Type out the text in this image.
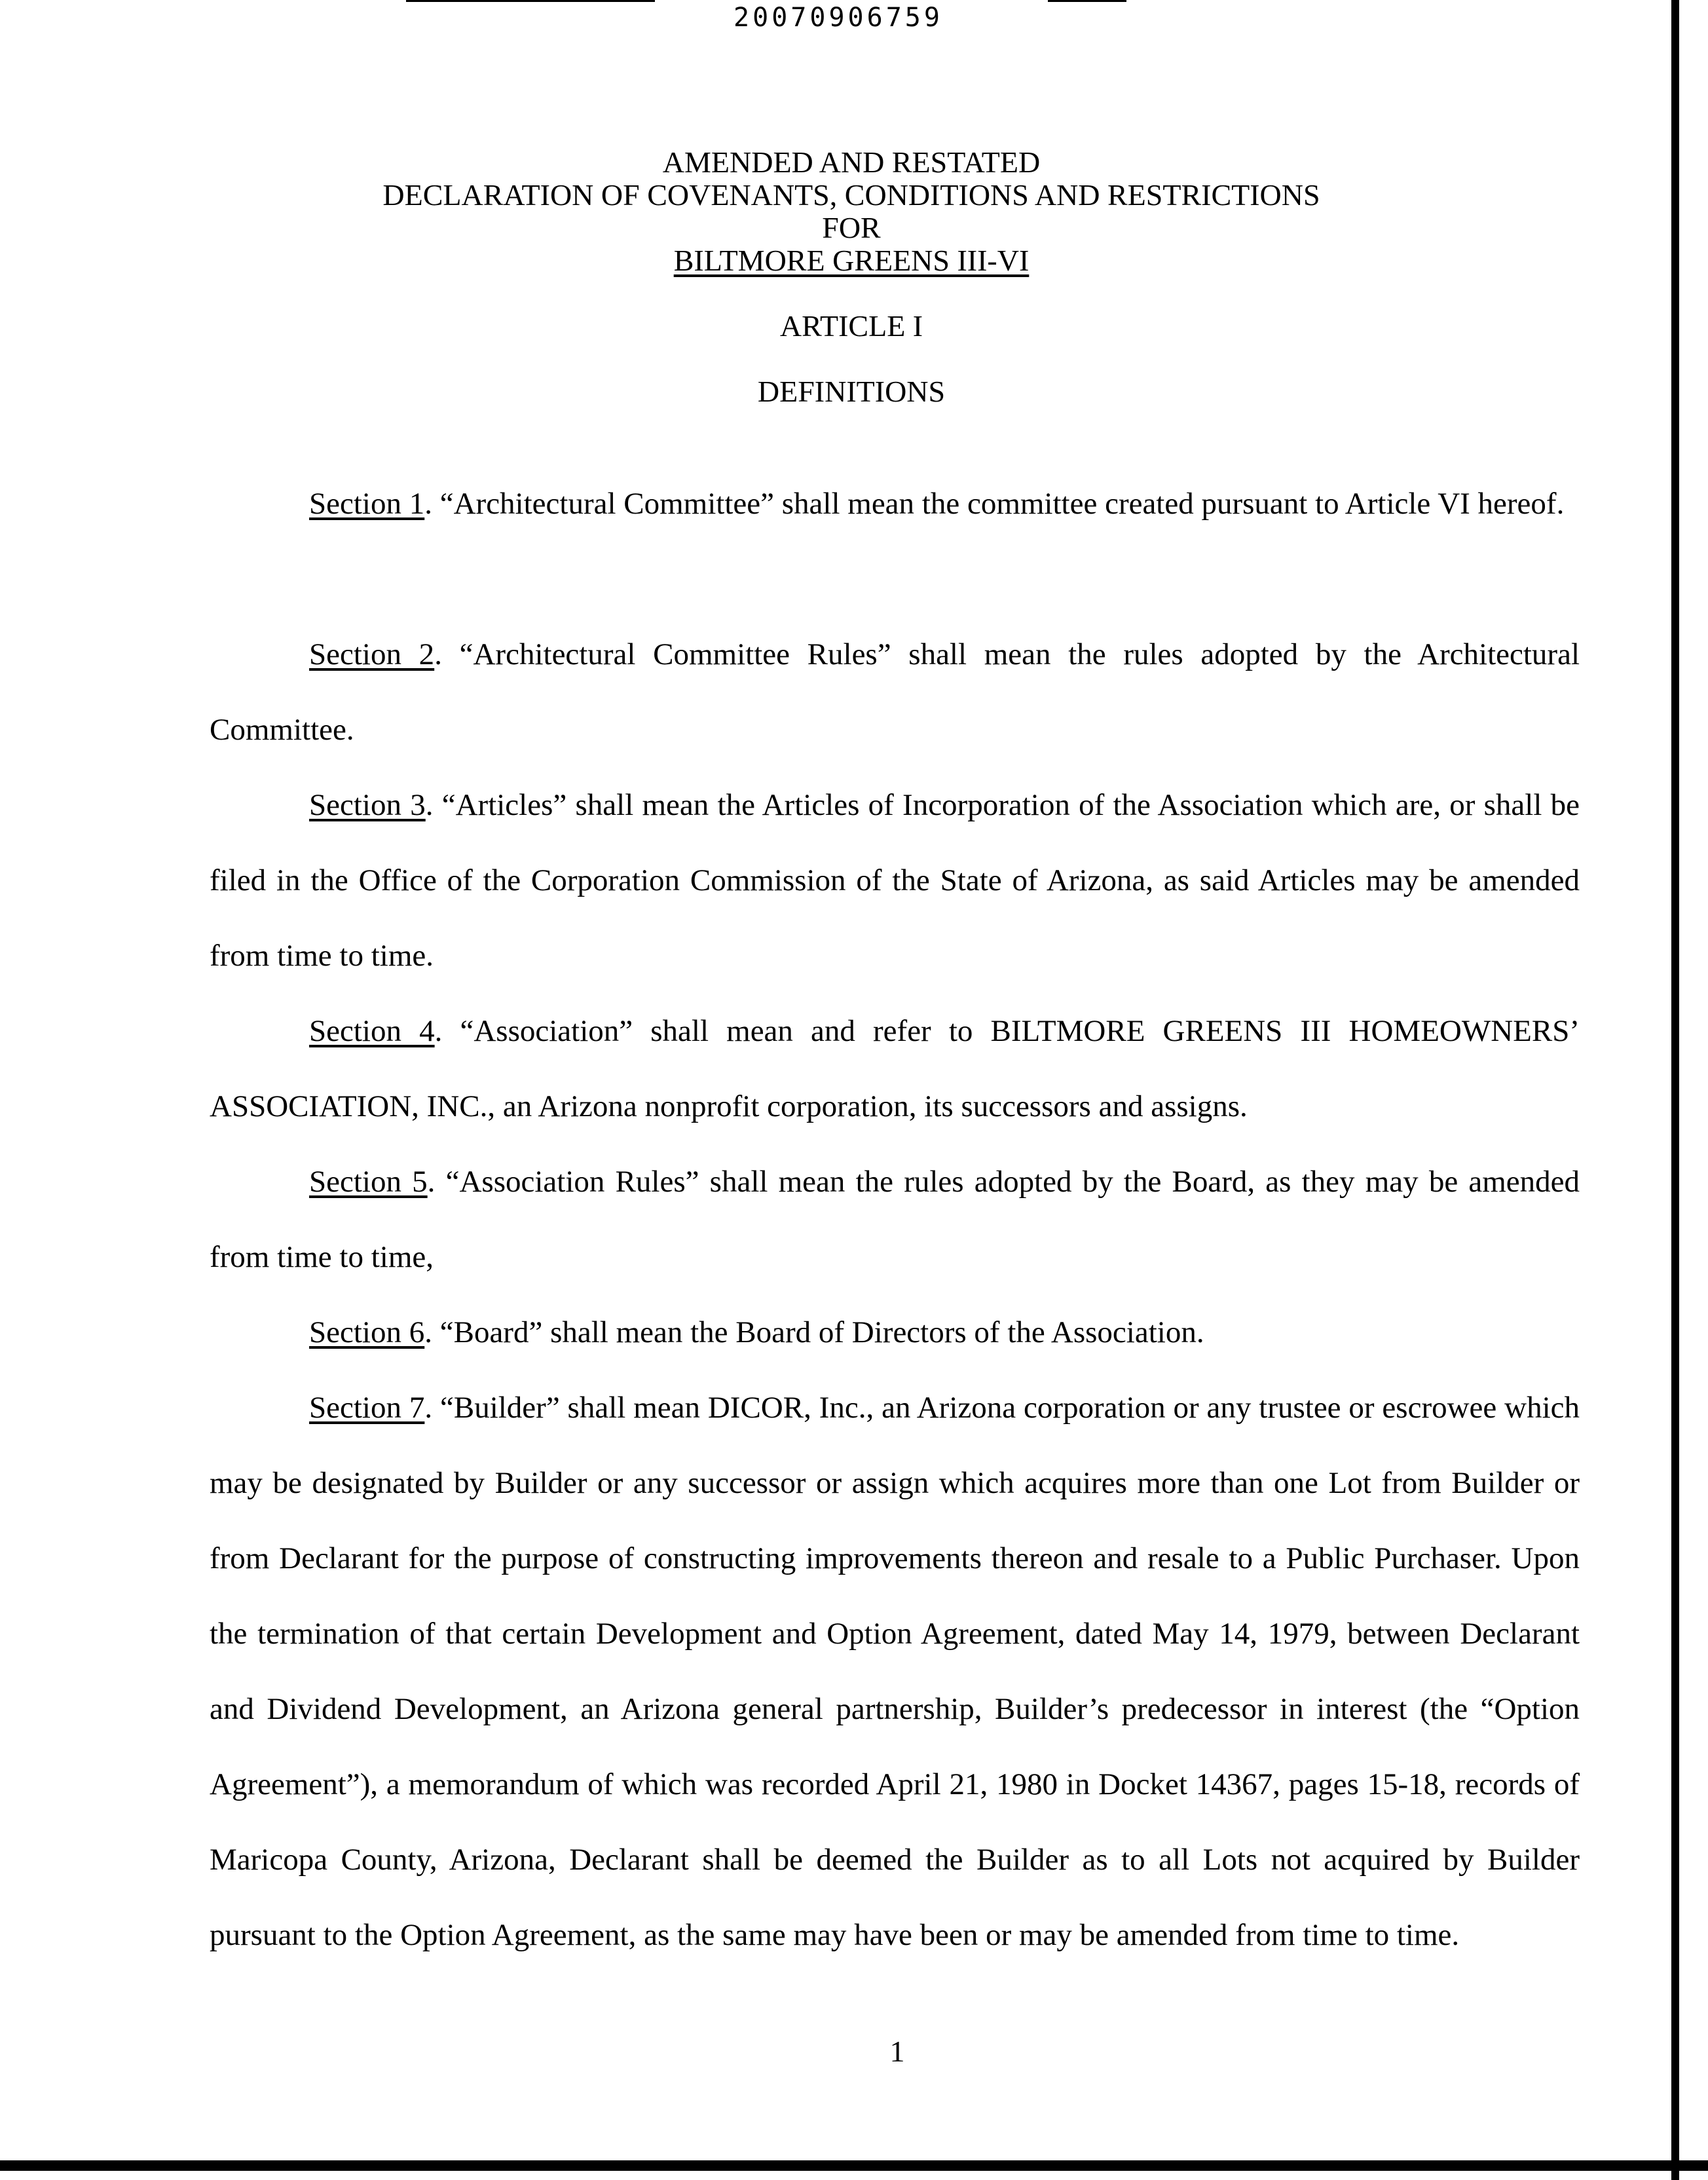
20070906759
AMENDED AND RESTATED
DECLARATION OF COVENANTS, CONDITIONS AND RESTRICTIONS
FOR
BILTMORE GREENS III-VI
ARTICLE I
DEFINITIONS
Section 1. “Architectural Committee” shall mean the committee created pursuant to Article VI hereof.
Section 2. “Architectural Committee Rules” shall mean the rules adopted by the Architectural Committee.
Section 3. “Articles” shall mean the Articles of Incorporation of the Association which are, or shall be filed in the Office of the Corporation Commission of the State of Arizona, as said Articles may be amended from time to time.
Section 4. “Association” shall mean and refer to BILTMORE GREENS III HOMEOWNERS’ ASSOCIATION, INC., an Arizona nonprofit corporation, its successors and assigns.
Section 5. “Association Rules” shall mean the rules adopted by the Board, as they may be amended from time to time,
Section 6. “Board” shall mean the Board of Directors of the Association.
Section 7. “Builder” shall mean DICOR, Inc., an Arizona corporation or any trustee or escrowee which may be designated by Builder or any successor or assign which acquires more than one Lot from Builder or from Declarant for the purpose of constructing improvements thereon and resale to a Public Purchaser. Upon the termination of that certain Development and Option Agreement, dated May 14, 1979, between Declarant and Dividend Development, an Arizona general partnership, Builder’s predecessor in interest (the “Option Agreement”), a memorandum of which was recorded April 21, 1980 in Docket 14367, pages 15-18, records of Maricopa County, Arizona, Declarant shall be deemed the Builder as to all Lots not acquired by Builder pursuant to the Option Agreement, as the same may have been or may be amended from time to time.
1
